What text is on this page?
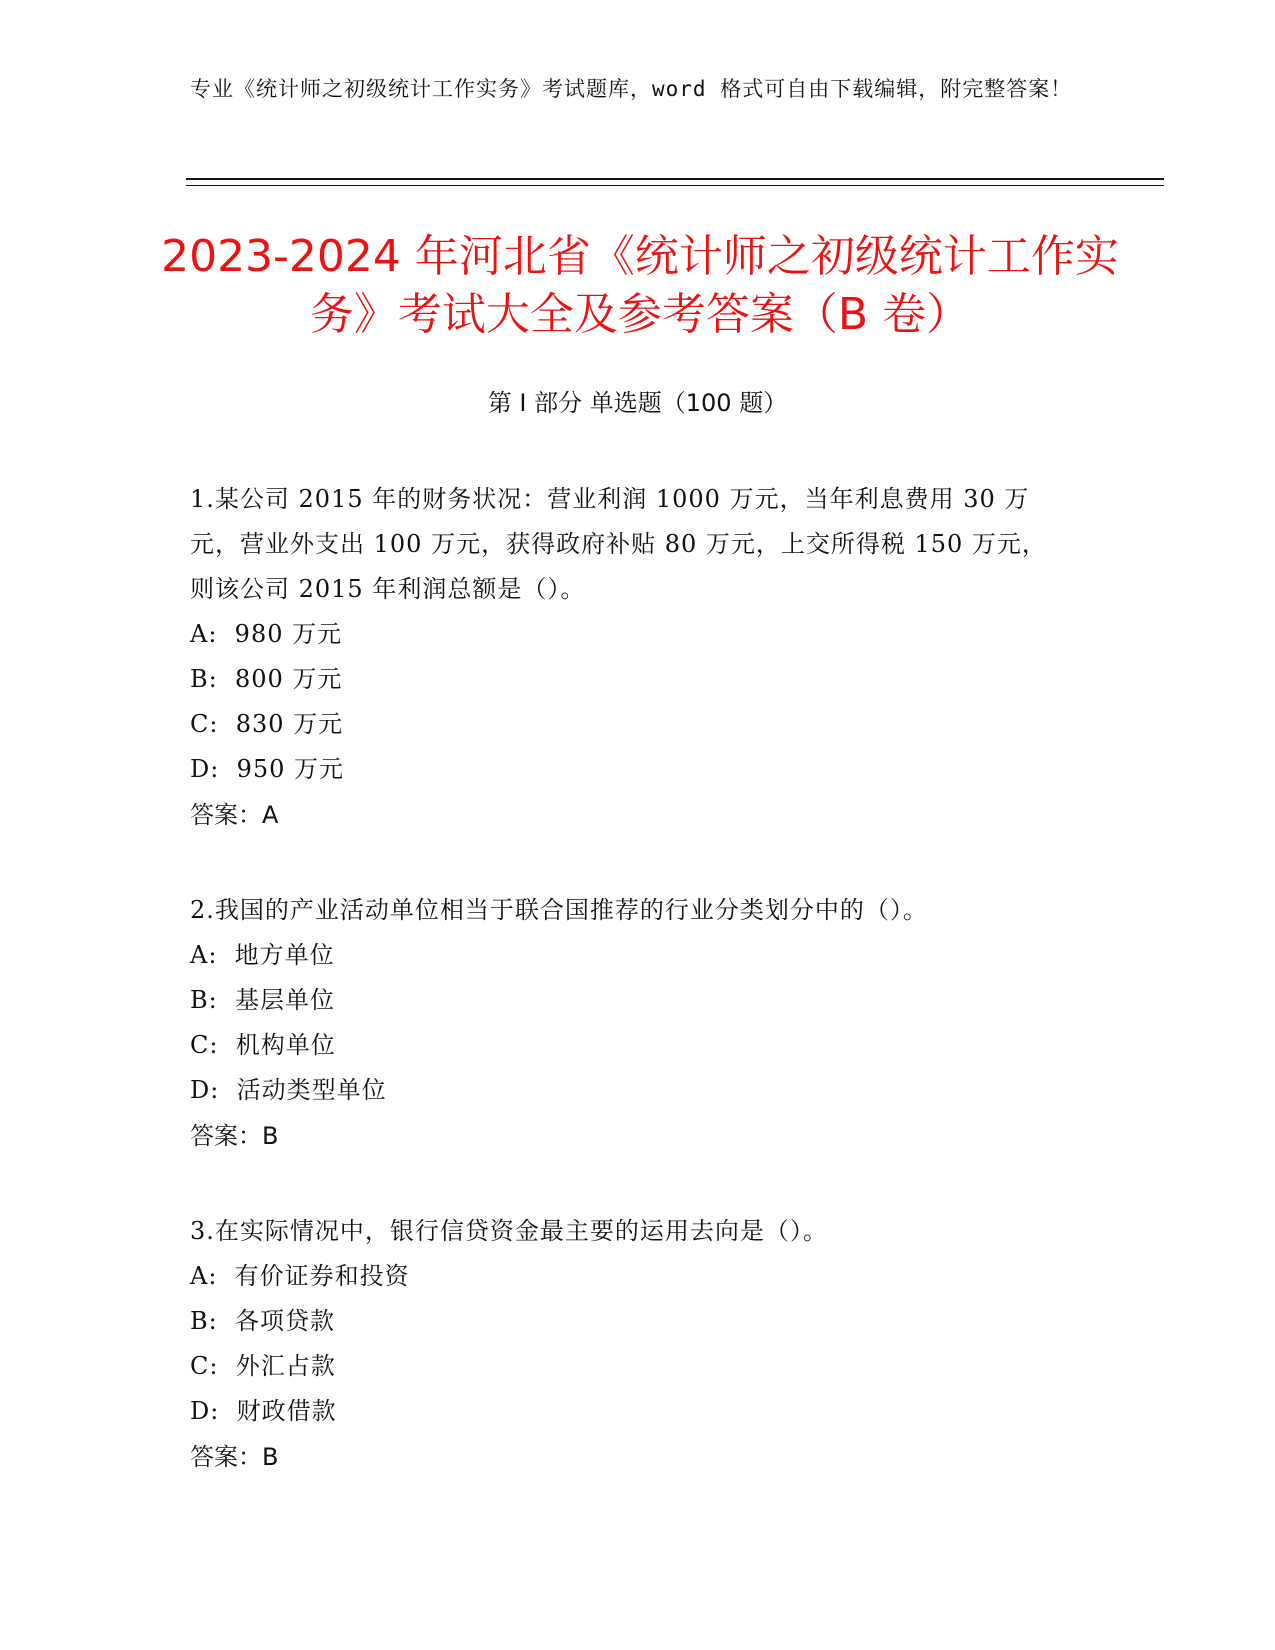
专业《统计师之初级统计工作实务》考试题库，word 格式可自由下载编辑，附完整答案！
2023-2024 年河北省《统计师之初级统计工作实务》考试大全及参考答案（B 卷）
第 I 部分 单选题（100 题）
1.某公司 2015 年的财务状况：营业利润 1000 万元，当年利息费用 30 万元，营业外支出 100 万元，获得政府补贴 80 万元，上交所得税 150 万元，则该公司 2015 年利润总额是（）。
A:  980 万元
B:  800 万元
C:  830 万元
D:  950 万元
答案：A
2.我国的产业活动单位相当于联合国推荐的行业分类划分中的（）。
A:  地方单位
B:  基层单位
C:  机构单位
D:  活动类型单位
答案：B
3.在实际情况中，银行信贷资金最主要的运用去向是（）。
A:  有价证券和投资
B:  各项贷款
C:  外汇占款
D:  财政借款
答案：B
